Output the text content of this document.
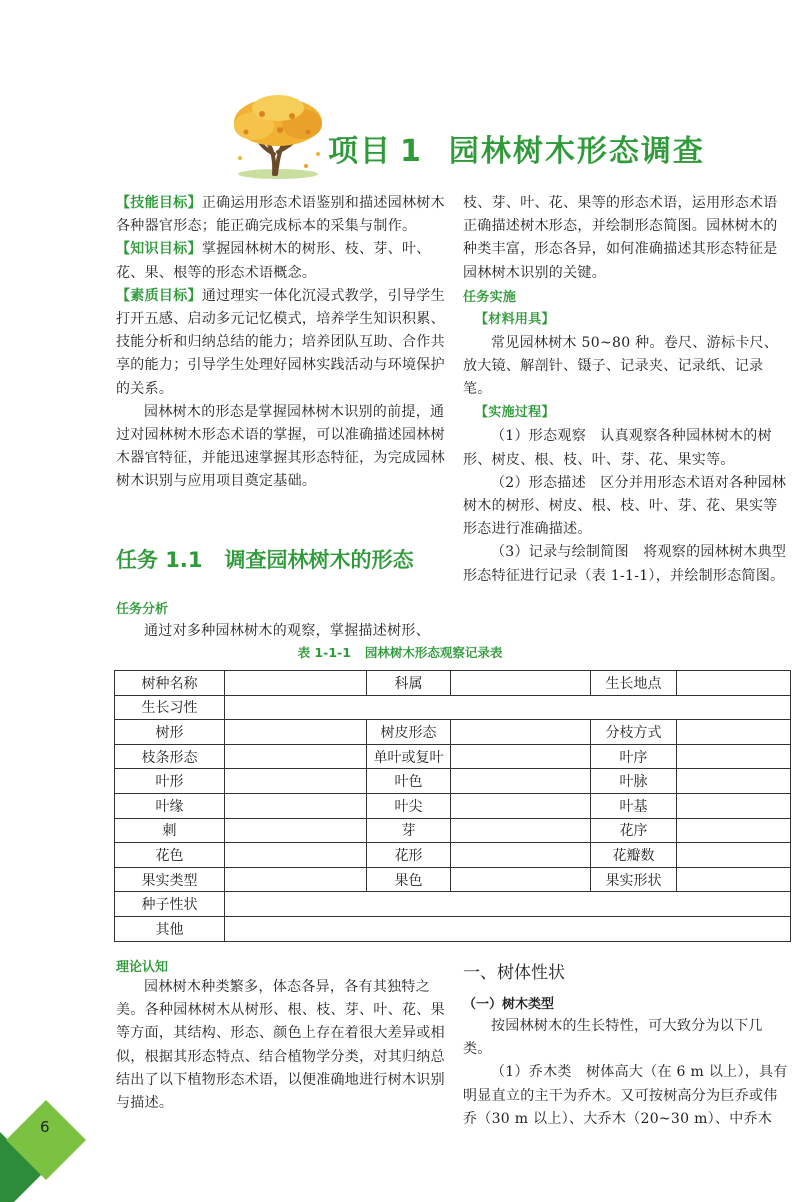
项目 1 园林树木形态调查

【技能目标】正确运用形态术语鉴别和描述园林树木各种器官形态；能正确完成标本的采集与制作。

【知识目标】掌握园林树木的树形、枝、芽、叶、花、果、根等的形态术语概念。

【素质目标】通过理实一体化沉浸式教学，引导学生打开五感、启动多元记忆模式，培养学生知识积累、技能分析和归纳总结的能力；培养团队互助、合作共享的能力；引导学生处理好园林实践活动与环境保护的关系。

园林树木的形态是掌握园林树木识别的前提，通过对园林树木形态术语的掌握，可以准确描述园林树木器官特征，并能迅速掌握其形态特征，为完成园林树木识别与应用项目奠定基础。

任务 1.1 调查园林树木的形态
任务分析

通过对多种园林树木的观察，掌握描述树形、

枝、芽、叶、花、果等的形态术语，运用形态术语正确描述树木形态，并绘制形态简图。园林树木的种类丰富，形态各异，如何准确描述其形态特征是园林树木识别的关键。

任务实施
【材料用具】

常见园林树木 50~80 种。卷尺、游标卡尺、放大镜、解剖针、镊子、记录夹、记录纸、记录笔。

【实施过程】

（1）形态观察　认真观察各种园林树木的树形、树皮、根、枝、叶、芽、花、果实等。

（2）形态描述　区分并用形态术语对各种园林树木的树形、树皮、根、枝、叶、芽、花、果实等形态进行准确描述。

（3）记录与绘制简图　将观察的园林树木典型形态特征进行记录（表 1-1-1），并绘制形态简图。

表 1-1-1 园林树木形态观察记录表
树种名称		科属		生长地点	
生长习性					
树形		树皮形态		分枝方式	
枝条形态		单叶或复叶		叶序	
叶形		叶色		叶脉	
叶缘		叶尖		叶基	
刺		芽		花序	
花色		花形		花瓣数	
果实类型		果色		果实形状	
种子性状					
其他					
理论认知

园林树木种类繁多，体态各异，各有其独特之美。各种园林树木从树形、根、枝、芽、叶、花、果等方面，其结构、形态、颜色上存在着很大差异或相似，根据其形态特点、结合植物学分类，对其归纳总结出了以下植物形态术语，以便准确地进行树木识别与描述。

一、树体性状
（一）树木类型

按园林树木的生长特性，可大致分为以下几类。

（1）乔木类　树体高大（在 6 m 以上），具有明显直立的主干为乔木。又可按树高分为巨乔或伟乔（30 m 以上）、大乔木（20~30 m）、中乔木

6
